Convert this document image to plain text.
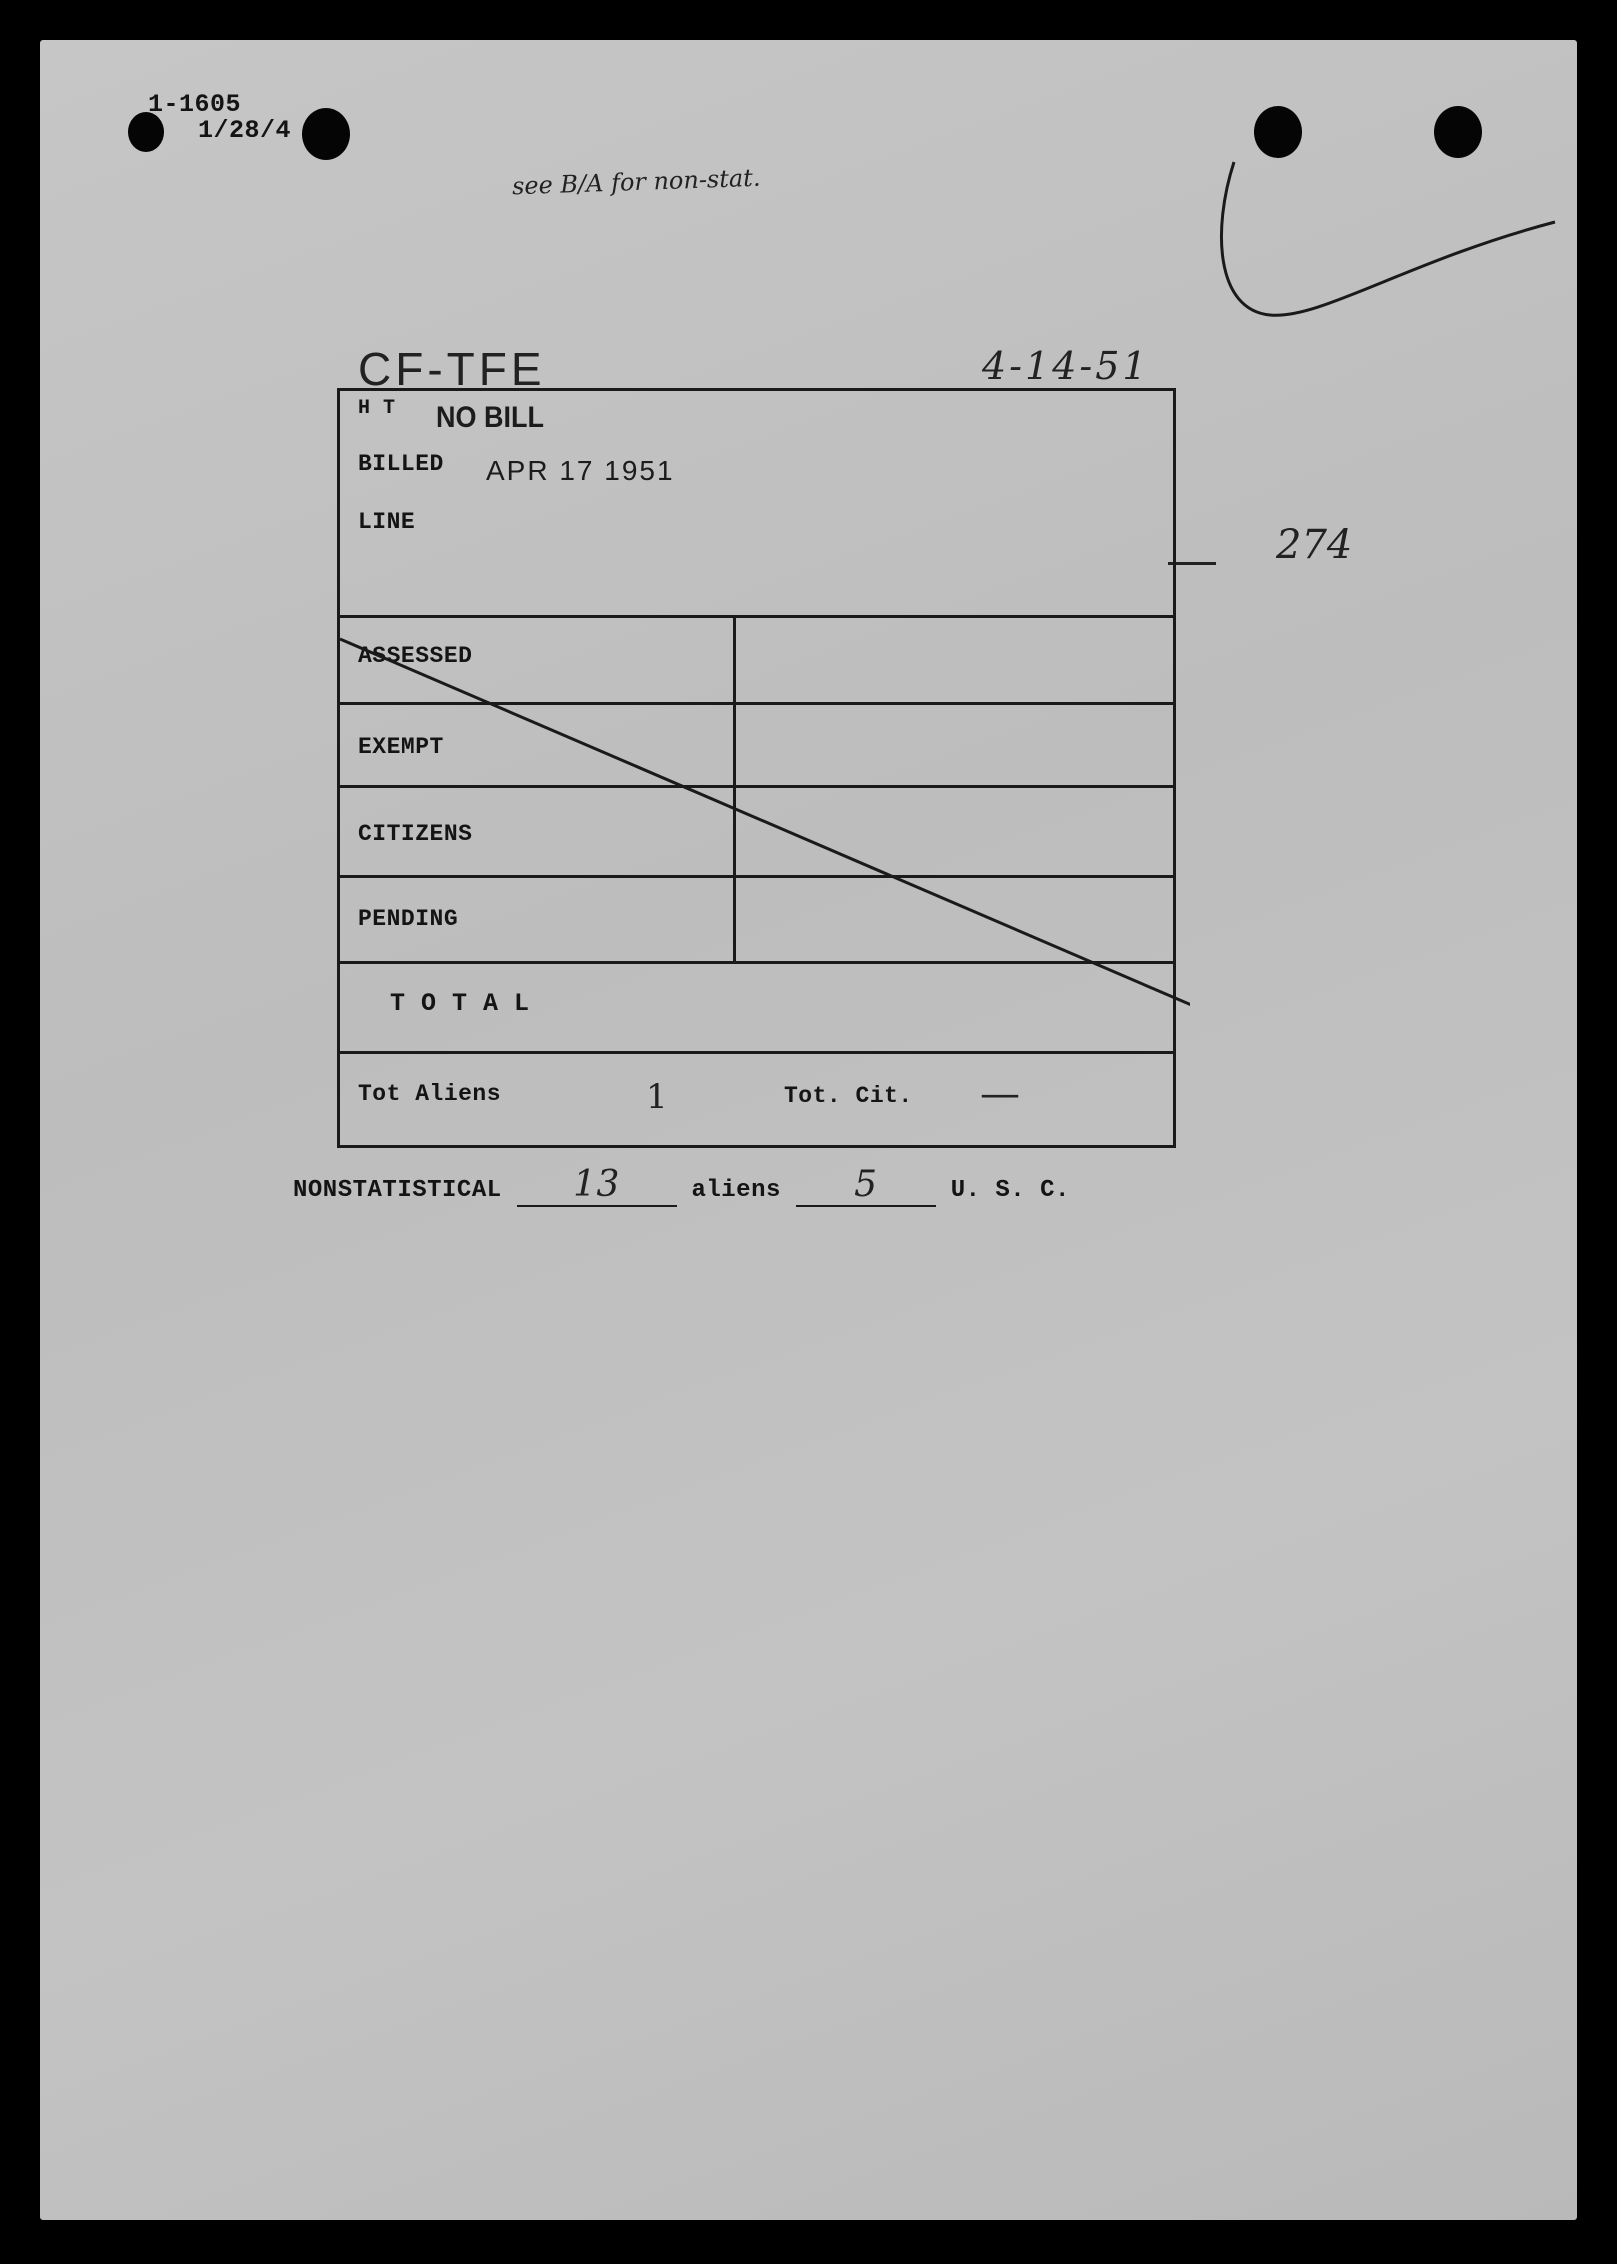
1-1605
1/28/4
see B/A for non-stat.
CF-TFE	4-14-51
274
H T NO BILL
BILLED APR 17 1951
LINE
ASSESSED
EXEMPT
CITIZENS
PENDING
T O T A L
Tot Aliens	1	Tot. Cit. —
NONSTATISTICAL 13	aliens 5	U. S. C.
